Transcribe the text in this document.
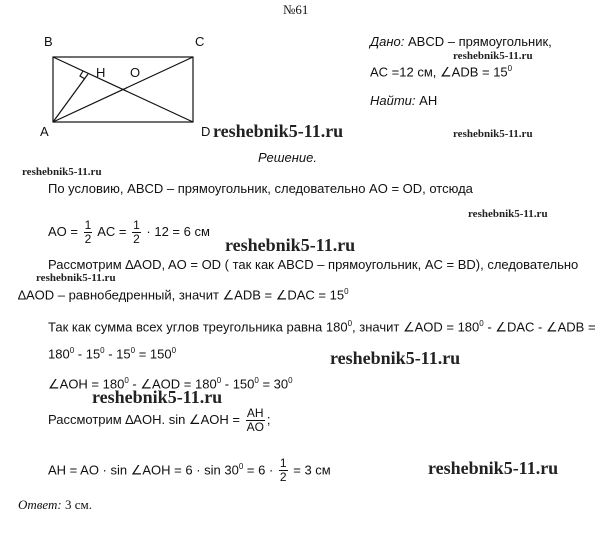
№61
B	C
A	D
H O
Дано: ABCD – прямоугольник,
reshebnik5-11.ru
AC =12 см, ∠ADB = $15^0$
Найти: AH
reshebnik5-11.ru	reshebnik5-11.ru
Решение.
reshebnik5-11.ru
По условию, ABCD – прямоугольник, следовательно AO = OD, отсюда
reshebnik5-11.ru
AO = $\frac{1}{2}$ AC = $\frac{1}{2} \cdot 12 = 6$ см
reshebnik5-11.ru
Рассмотрим ∆AOD, AO = OD ( так как ABCD – прямоугольник, AC = BD), следовательно
reshebnik5-11.ru
∆AOD – равнобедренный, значит ∠ADB = ∠DAC = $15^0$
Так как сумма всех углов треугольника равна $180^0$, значит ∠AOD = $180^0$ - ∠DAC - ∠ADB =
$180^0 - 15^0 - 15^0 = 150^0$	reshebnik5-11.ru
∠AOH = $180^0$ - ∠AOD = $180^0 - 150^0 = 30^0$
reshebnik5-11.ru
Рассмотрим ∆AOH. sin ∠AOH = $\frac{AH}{AO}$ ;
AH = AO · sin ∠AOH = $6 \cdot \sin 30^0 = 6 \cdot \frac{1}{2} = 3$ см	reshebnik5-11.ru
Ответ: 3 см.
